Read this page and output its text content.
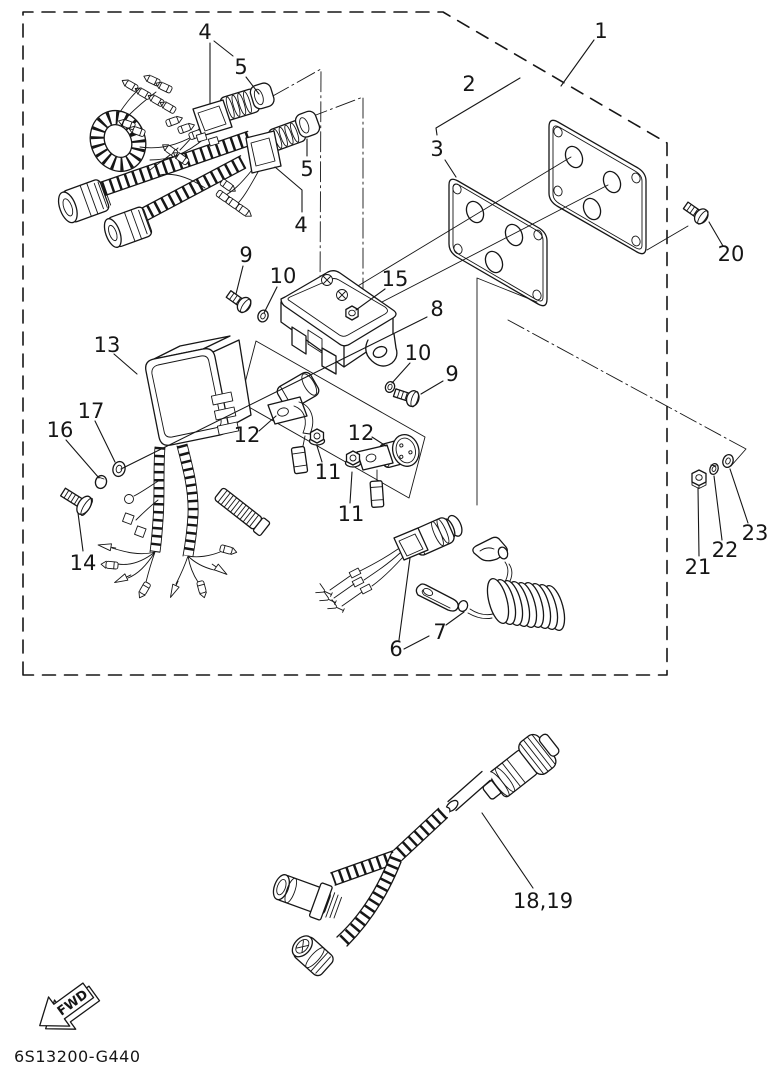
FWD
1
2
3
4
5
5
4
6
7
8
9
10	15
10
9
12
11
12
11
13
14
16
17
18,19
20
21
22
23
6S13200-G440
